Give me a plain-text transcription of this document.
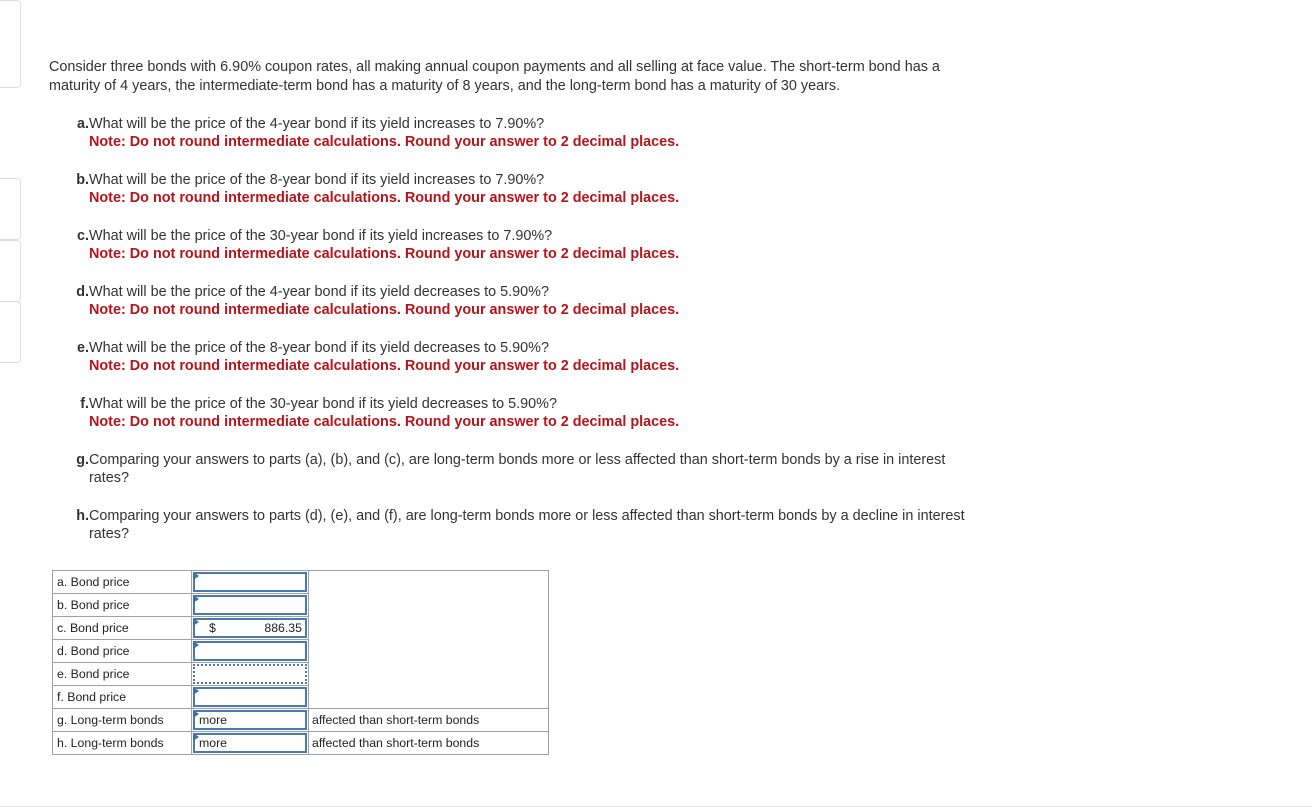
Consider three bonds with 6.90% coupon rates, all making annual coupon payments and all selling at face value. The short-term bond has a maturity of 4 years, the intermediate-term bond has a maturity of 8 years, and the long-term bond has a maturity of 30 years.
a. What will be the price of the 4-year bond if its yield increases to 7.90%?
Note: Do not round intermediate calculations. Round your answer to 2 decimal places.
b. What will be the price of the 8-year bond if its yield increases to 7.90%?
Note: Do not round intermediate calculations. Round your answer to 2 decimal places.
c. What will be the price of the 30-year bond if its yield increases to 7.90%?
Note: Do not round intermediate calculations. Round your answer to 2 decimal places.
d. What will be the price of the 4-year bond if its yield decreases to 5.90%?
Note: Do not round intermediate calculations. Round your answer to 2 decimal places.
e. What will be the price of the 8-year bond if its yield decreases to 5.90%?
Note: Do not round intermediate calculations. Round your answer to 2 decimal places.
f. What will be the price of the 30-year bond if its yield decreases to 5.90%?
Note: Do not round intermediate calculations. Round your answer to 2 decimal places.
g. Comparing your answers to parts (a), (b), and (c), are long-term bonds more or less affected than short-term bonds by a rise in interest rates?
h. Comparing your answers to parts (d), (e), and (f), are long-term bonds more or less affected than short-term bonds by a decline in interest rates?
a. Bond price	

b. Bond price		

c. Bond price	$ 886.35	

d. Bond price		

e. Bond price		

f. Bond price		

g. Long-term bonds	more	affected than short-term bonds
h. Long-term bonds	more	affected than short-term bonds
